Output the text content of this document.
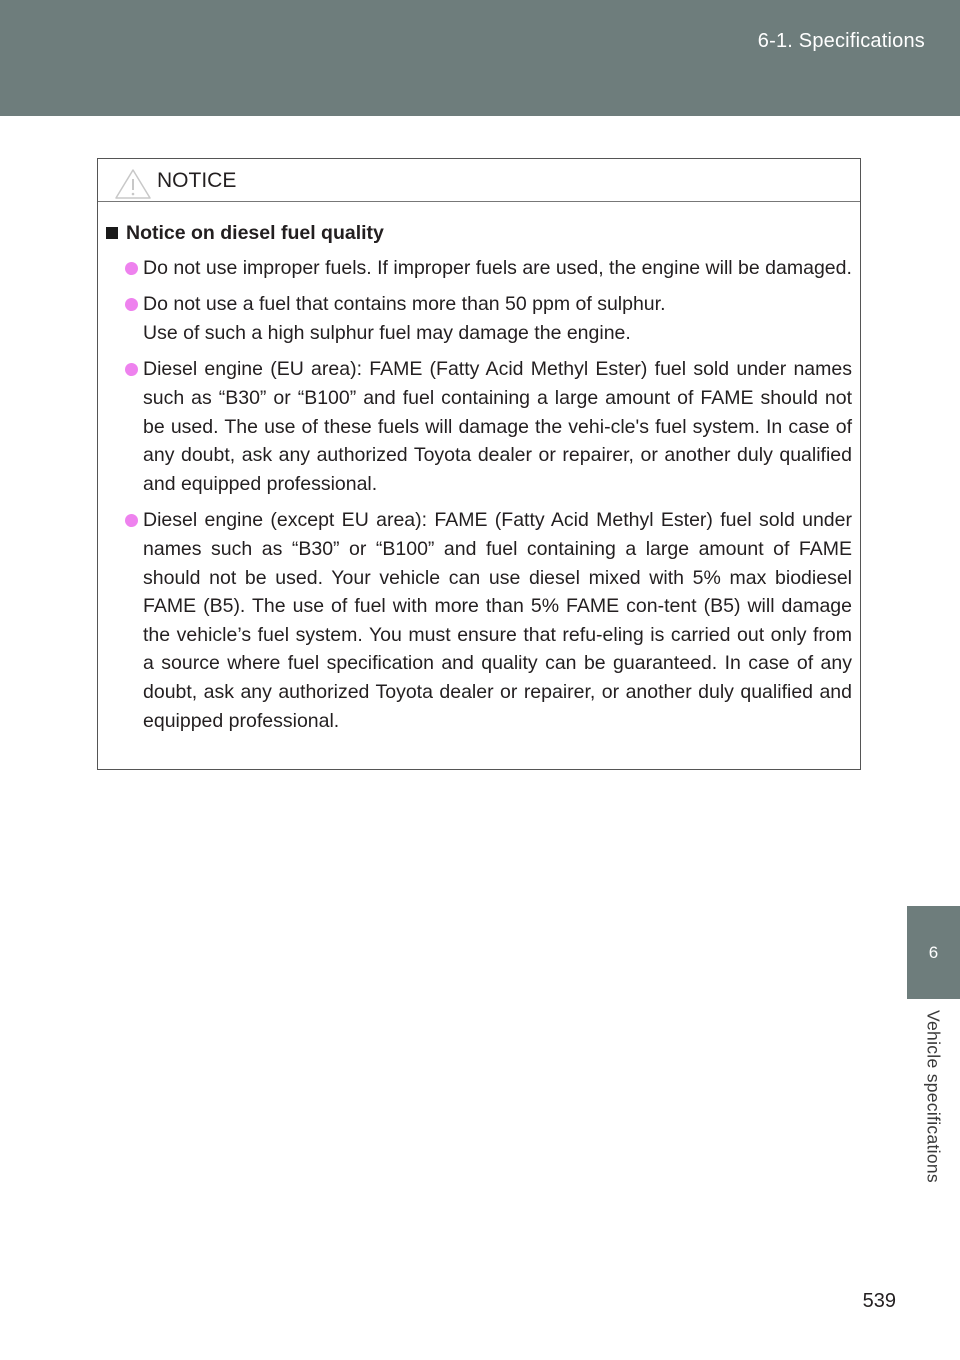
6-1. Specifications
6
Vehicle specifications
NOTICE
Notice on diesel fuel quality
Do not use improper fuels. If improper fuels are used, the engine will be damaged.
Do not use a fuel that contains more than 50 ppm of sulphur.
Use of such a high sulphur fuel may damage the engine.
Diesel engine (EU area): FAME (Fatty Acid Methyl Ester) fuel sold under names such as “B30” or “B100” and fuel containing a large amount of FAME should not be used. The use of these fuels will damage the vehi-cle's fuel system. In case of any doubt, ask any authorized Toyota dealer or repairer, or another duly qualified and equipped professional.
Diesel engine (except EU area): FAME (Fatty Acid Methyl Ester) fuel sold under names such as “B30” or “B100” and fuel containing a large amount of FAME should not be used. Your vehicle can use diesel mixed with 5% max biodiesel FAME (B5). The use of fuel with more than 5% FAME con-tent (B5) will damage the vehicle’s fuel system. You must ensure that refu-eling is carried out only from a source where fuel specification and quality can be guaranteed. In case of any doubt, ask any authorized Toyota dealer or repairer, or another duly qualified and equipped professional.
539
